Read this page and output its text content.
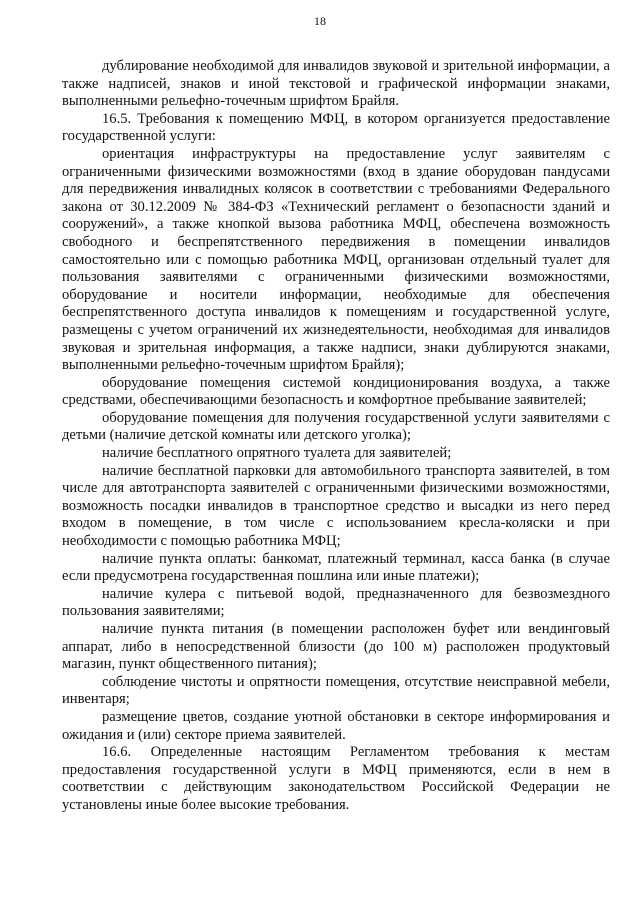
18

дублирование необходимой для инвалидов звуковой и зрительной информации, а также надписей, знаков и иной текстовой и графической информации знаками, выполненными рельефно-точечным шрифтом Брайля.

16.5. Требования к помещению МФЦ, в котором организуется предоставление государственной услуги:

ориентация инфраструктуры на предоставление услуг заявителям с ограниченными физическими возможностями (вход в здание оборудован пандусами для передвижения инвалидных колясок в соответствии с требованиями Федерального закона от 30.12.2009 № 384-ФЗ «Технический регламент о безопасности зданий и сооружений», а также кнопкой вызова работника МФЦ, обеспечена возможность свободного и беспрепятственного передвижения в помещении инвалидов самостоятельно или с помощью работника МФЦ, организован отдельный туалет для пользования заявителями с ограниченными физическими возможностями, оборудование и носители информации, необходимые для обеспечения беспрепятственного доступа инвалидов к помещениям и государственной услуге, размещены с учетом ограничений их жизнедеятельности, необходимая для инвалидов звуковая и зрительная информация, а также надписи, знаки дублируются знаками, выполненными рельефно-точечным шрифтом Брайля);

оборудование помещения системой кондиционирования воздуха, а также средствами, обеспечивающими безопасность и комфортное пребывание заявителей;

оборудование помещения для получения государственной услуги заявителями с детьми (наличие детской комнаты или детского уголка);

наличие бесплатного опрятного туалета для заявителей;

наличие бесплатной парковки для автомобильного транспорта заявителей, в том числе для автотранспорта заявителей с ограниченными физическими возможностями, возможность посадки инвалидов в транспортное средство и высадки из него перед входом в помещение, в том числе с использованием кресла-коляски и при необходимости с помощью работника МФЦ;

наличие пункта оплаты: банкомат, платежный терминал, касса банка (в случае если предусмотрена государственная пошлина или иные платежи);

наличие кулера с питьевой водой, предназначенного для безвозмездного пользования заявителями;

наличие пункта питания (в помещении расположен буфет или вендинговый аппарат, либо в непосредственной близости (до 100 м) расположен продуктовый магазин, пункт общественного питания);

соблюдение чистоты и опрятности помещения, отсутствие неисправной мебели, инвентаря;

размещение цветов, создание уютной обстановки в секторе информирования и ожидания и (или) секторе приема заявителей.

16.6. Определенные настоящим Регламентом требования к местам предоставления государственной услуги в МФЦ применяются, если в нем в соответствии с действующим законодательством Российской Федерации не установлены иные более высокие требования.
